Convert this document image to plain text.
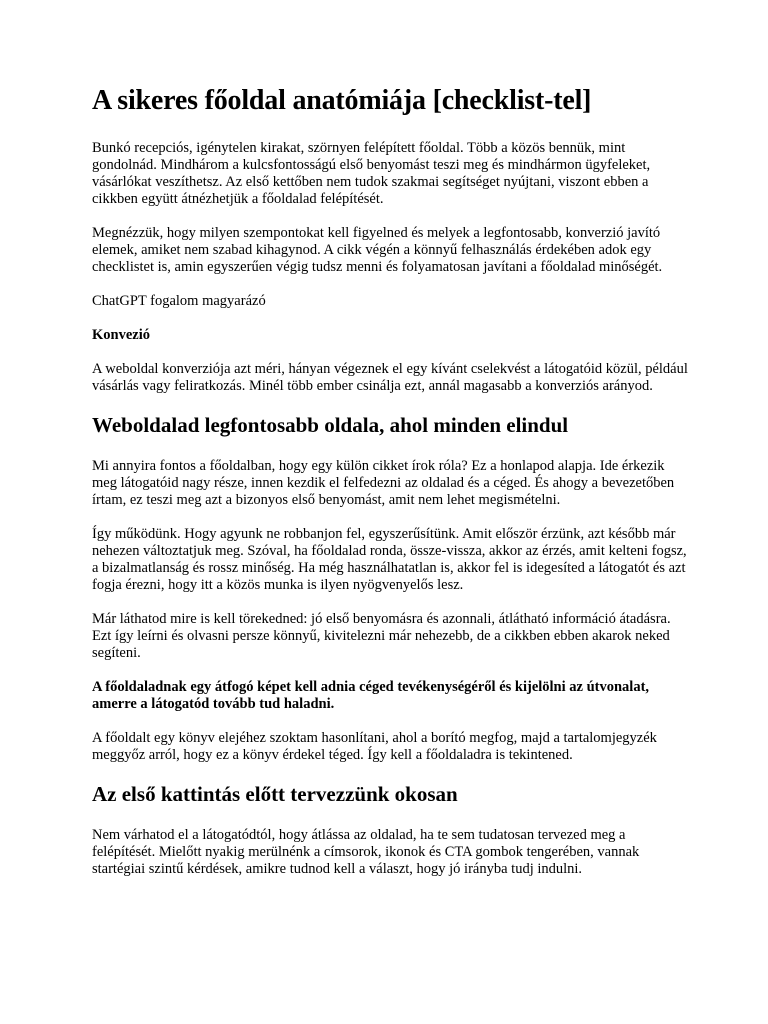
A sikeres főoldal anatómiája [checklist-tel]

Bunkó recepciós, igénytelen kirakat, szörnyen felépített főoldal. Több a közös bennük, mint gondolnád. Mindhárom a kulcsfontosságú első benyomást teszi meg és mindhármon ügyfeleket, vásárlókat veszíthetsz. Az első kettőben nem tudok szakmai segítséget nyújtani, viszont ebben a cikkben együtt átnézhetjük a főoldalad felépítését.

Megnézzük, hogy milyen szempontokat kell figyelned és melyek a legfontosabb, konverzió javító elemek, amiket nem szabad kihagynod. A cikk végén a könnyű felhasználás érdekében adok egy checklistet is, amin egyszerűen végig tudsz menni és folyamatosan javítani a főoldalad minőségét.

ChatGPT fogalom magyarázó

Konvezió

A weboldal konverziója azt méri, hányan végeznek el egy kívánt cselekvést a látogatóid közül, például vásárlás vagy feliratkozás. Minél több ember csinálja ezt, annál magasabb a konverziós arányod.

Weboldalad legfontosabb oldala, ahol minden elindul

Mi annyira fontos a főoldalban, hogy egy külön cikket írok róla? Ez a honlapod alapja. Ide érkezik meg látogatóid nagy része, innen kezdik el felfedezni az oldalad és a céged. És ahogy a bevezetőben írtam, ez teszi meg azt a bizonyos első benyomást, amit nem lehet megismételni.

Így működünk. Hogy agyunk ne robbanjon fel, egyszerűsítünk. Amit először érzünk, azt később már nehezen változtatjuk meg. Szóval, ha főoldalad ronda, össze-vissza, akkor az érzés, amit kelteni fogsz, a bizalmatlanság és rossz minőség. Ha még használhatatlan is, akkor fel is idegesíted a látogatót és azt fogja érezni, hogy itt a közös munka is ilyen nyögvenyelős lesz.

Már láthatod mire is kell törekedned: jó első benyomásra és azonnali, átlátható információ átadásra. Ezt így leírni és olvasni persze könnyű, kivitelezni már nehezebb, de a cikkben ebben akarok neked segíteni.

A főoldaladnak egy átfogó képet kell adnia céged tevékenységéről és kijelölni az útvonalat, amerre a látogatód tovább tud haladni.

A főoldalt egy könyv elejéhez szoktam hasonlítani, ahol a borító megfog, majd a tartalomjegyzék meggyőz arról, hogy ez a könyv érdekel téged. Így kell a főoldaladra is tekintened.

Az első kattintás előtt tervezzünk okosan

Nem várhatod el a látogatódtól, hogy átlássa az oldalad, ha te sem tudatosan tervezed meg a felépítését. Mielőtt nyakig merülnénk a címsorok, ikonok és CTA gombok tengerében, vannak startégiai szintű kérdések, amikre tudnod kell a választ, hogy jó irányba tudj indulni.
